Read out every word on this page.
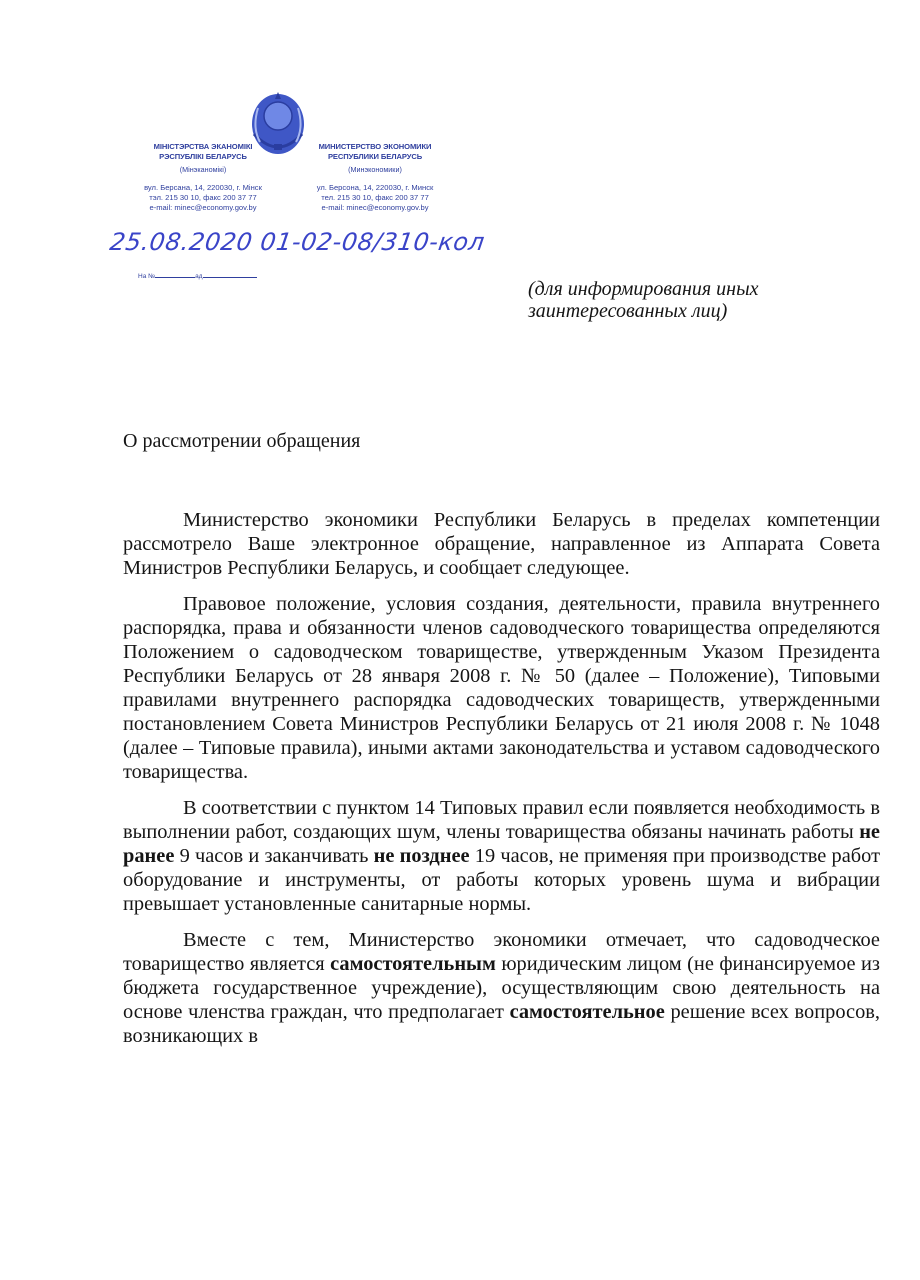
МІНІСТЭРСТВА ЭКАНОМІКІ
РЭСПУБЛІКІ БЕЛАРУСЬ
(Мінэканомікі)
вул. Берсана, 14, 220030, г. Мінск
тэл. 215 30 10, факс 200 37 77
e-mail: minec@economy.gov.by
МИНИСТЕРСТВО ЭКОНОМИКИ
РЕСПУБЛИКИ БЕЛАРУСЬ
(Минэкономики)
ул. Берсона, 14, 220030, г. Минск
тел. 215 30 10, факс 200 37 77
e-mail: minec@economy.gov.by
25.08.2020 01-02-08/310-кол
На №	ад
(для информирования иных
заинтересованных лиц)
О рассмотрении обращения

Министерство экономики Республики Беларусь в пределах компетенции рассмотрело Ваше электронное обращение, направленное из Аппарата Совета Министров Республики Беларусь, и сообщает следующее.

Правовое положение, условия создания, деятельности, правила внутреннего распорядка, права и обязанности членов садоводческого товарищества определяются Положением о садоводческом товариществе, утвержденным Указом Президента Республики Беларусь от 28 января 2008 г. № 50 (далее – Положение), Типовыми правилами внутреннего распорядка садоводческих товариществ, утвержденными постановлением Совета Министров Республики Беларусь от 21 июля 2008 г. № 1048 (далее – Типовые правила), иными актами законодательства и уставом садоводческого товарищества.

В соответствии с пунктом 14 Типовых правил если появляется необходимость в выполнении работ, создающих шум, члены товарищества обязаны начинать работы не ранее 9 часов и заканчивать не позднее 19 часов, не применяя при производстве работ оборудование и инструменты, от работы которых уровень шума и вибрации превышает установленные санитарные нормы.

Вместе с тем, Министерство экономики отмечает, что садоводческое товарищество является самостоятельным юридическим лицом (не финансируемое из бюджета государственное учреждение), осуществляющим свою деятельность на основе членства граждан, что предполагает самостоятельное решение всех вопросов, возникающих в
